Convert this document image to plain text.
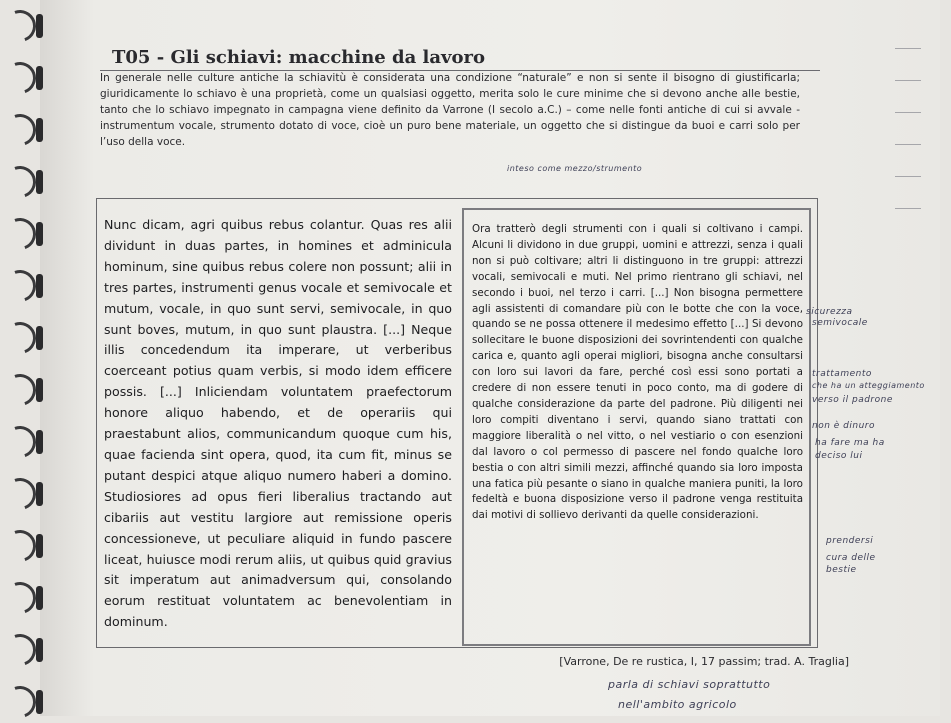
T05 - Gli schiavi: macchine da lavoro

In generale nelle culture antiche la schiavitù è considerata una condizione “naturale” e non si sente il bisogno di giustificarla; giuridicamente lo schiavo è una proprietà, come un qualsiasi oggetto, merita solo le cure minime che si devono anche alle bestie, tanto che lo schiavo impegnato in campagna viene definito da Varrone (I secolo a.C.) – come nelle fonti antiche di cui si avvale - instrumentum vocale, strumento dotato di voce, cioè un puro bene materiale, un oggetto che si distingue da buoi e carri solo per l’uso della voce.

inteso come mezzo/strumento

Nunc dicam, agri quibus rebus colantur. Quas res alii dividunt in duas partes, in homines et adminicula hominum, sine quibus rebus colere non possunt; alii in tres partes, instrumenti genus vocale et semivocale et mutum, vocale, in quo sunt servi, semivocale, in quo sunt boves, mutum, in quo sunt plaustra. [...] Neque illis concedendum ita imperare, ut verberibus coerceant potius quam verbis, si modo idem efficere possis. [...] Inliciendam voluntatem praefectorum honore aliquo habendo, et de operariis qui praestabunt alios, communicandum quoque cum his, quae facienda sint opera, quod, ita cum fit, minus se putant despici atque aliquo numero haberi a domino. Studiosiores ad opus fieri liberalius tractando aut cibariis aut vestitu largiore aut remissione operis concessioneve, ut peculiare aliquid in fundo pascere liceat, huiusce modi rerum aliis, ut quibus quid gravius sit imperatum aut animadversum qui, consolando eorum restituat voluntatem ac benevolentiam in dominum.

Ora tratterò degli strumenti con i quali si coltivano i campi. Alcuni li dividono in due gruppi, uomini e attrezzi, senza i quali non si può coltivare; altri li distinguono in tre gruppi: attrezzi vocali, semivocali e muti. Nel primo rientrano gli schiavi, nel secondo i buoi, nel terzo i carri. [...] Non bisogna permettere agli assistenti di comandare più con le botte che con la voce, quando se ne possa ottenere il medesimo effetto [...] Si devono sollecitare le buone disposizioni dei sovrintendenti con qualche carica e, quanto agli operai migliori, bisogna anche consultarsi con loro sui lavori da fare, perché così essi sono portati a credere di non essere tenuti in poco conto, ma di godere di qualche considerazione da parte del padrone. Più diligenti nei loro compiti diventano i servi, quando siano trattati con maggiore liberalità o nel vitto, o nel vestiario o con esenzioni dal lavoro o col permesso di pascere nel fondo qualche loro bestia o con altri simili mezzi, affinché quando sia loro imposta una fatica più pesante o siano in qualche maniera puniti, la loro fedeltà e buona disposizione verso il padrone venga restituita dai motivi di sollievo derivanti da quelle considerazioni.

sicurezza
semivocale
trattamento
che ha un atteggiamento
verso il padrone
non è dinuro
ha fare ma ha
deciso lui
prendersi
cura delle
bestie

[Varrone, De re rustica, I, 17 passim; trad. A. Traglia]

parla di schiavi soprattutto
nell'ambito agricolo
